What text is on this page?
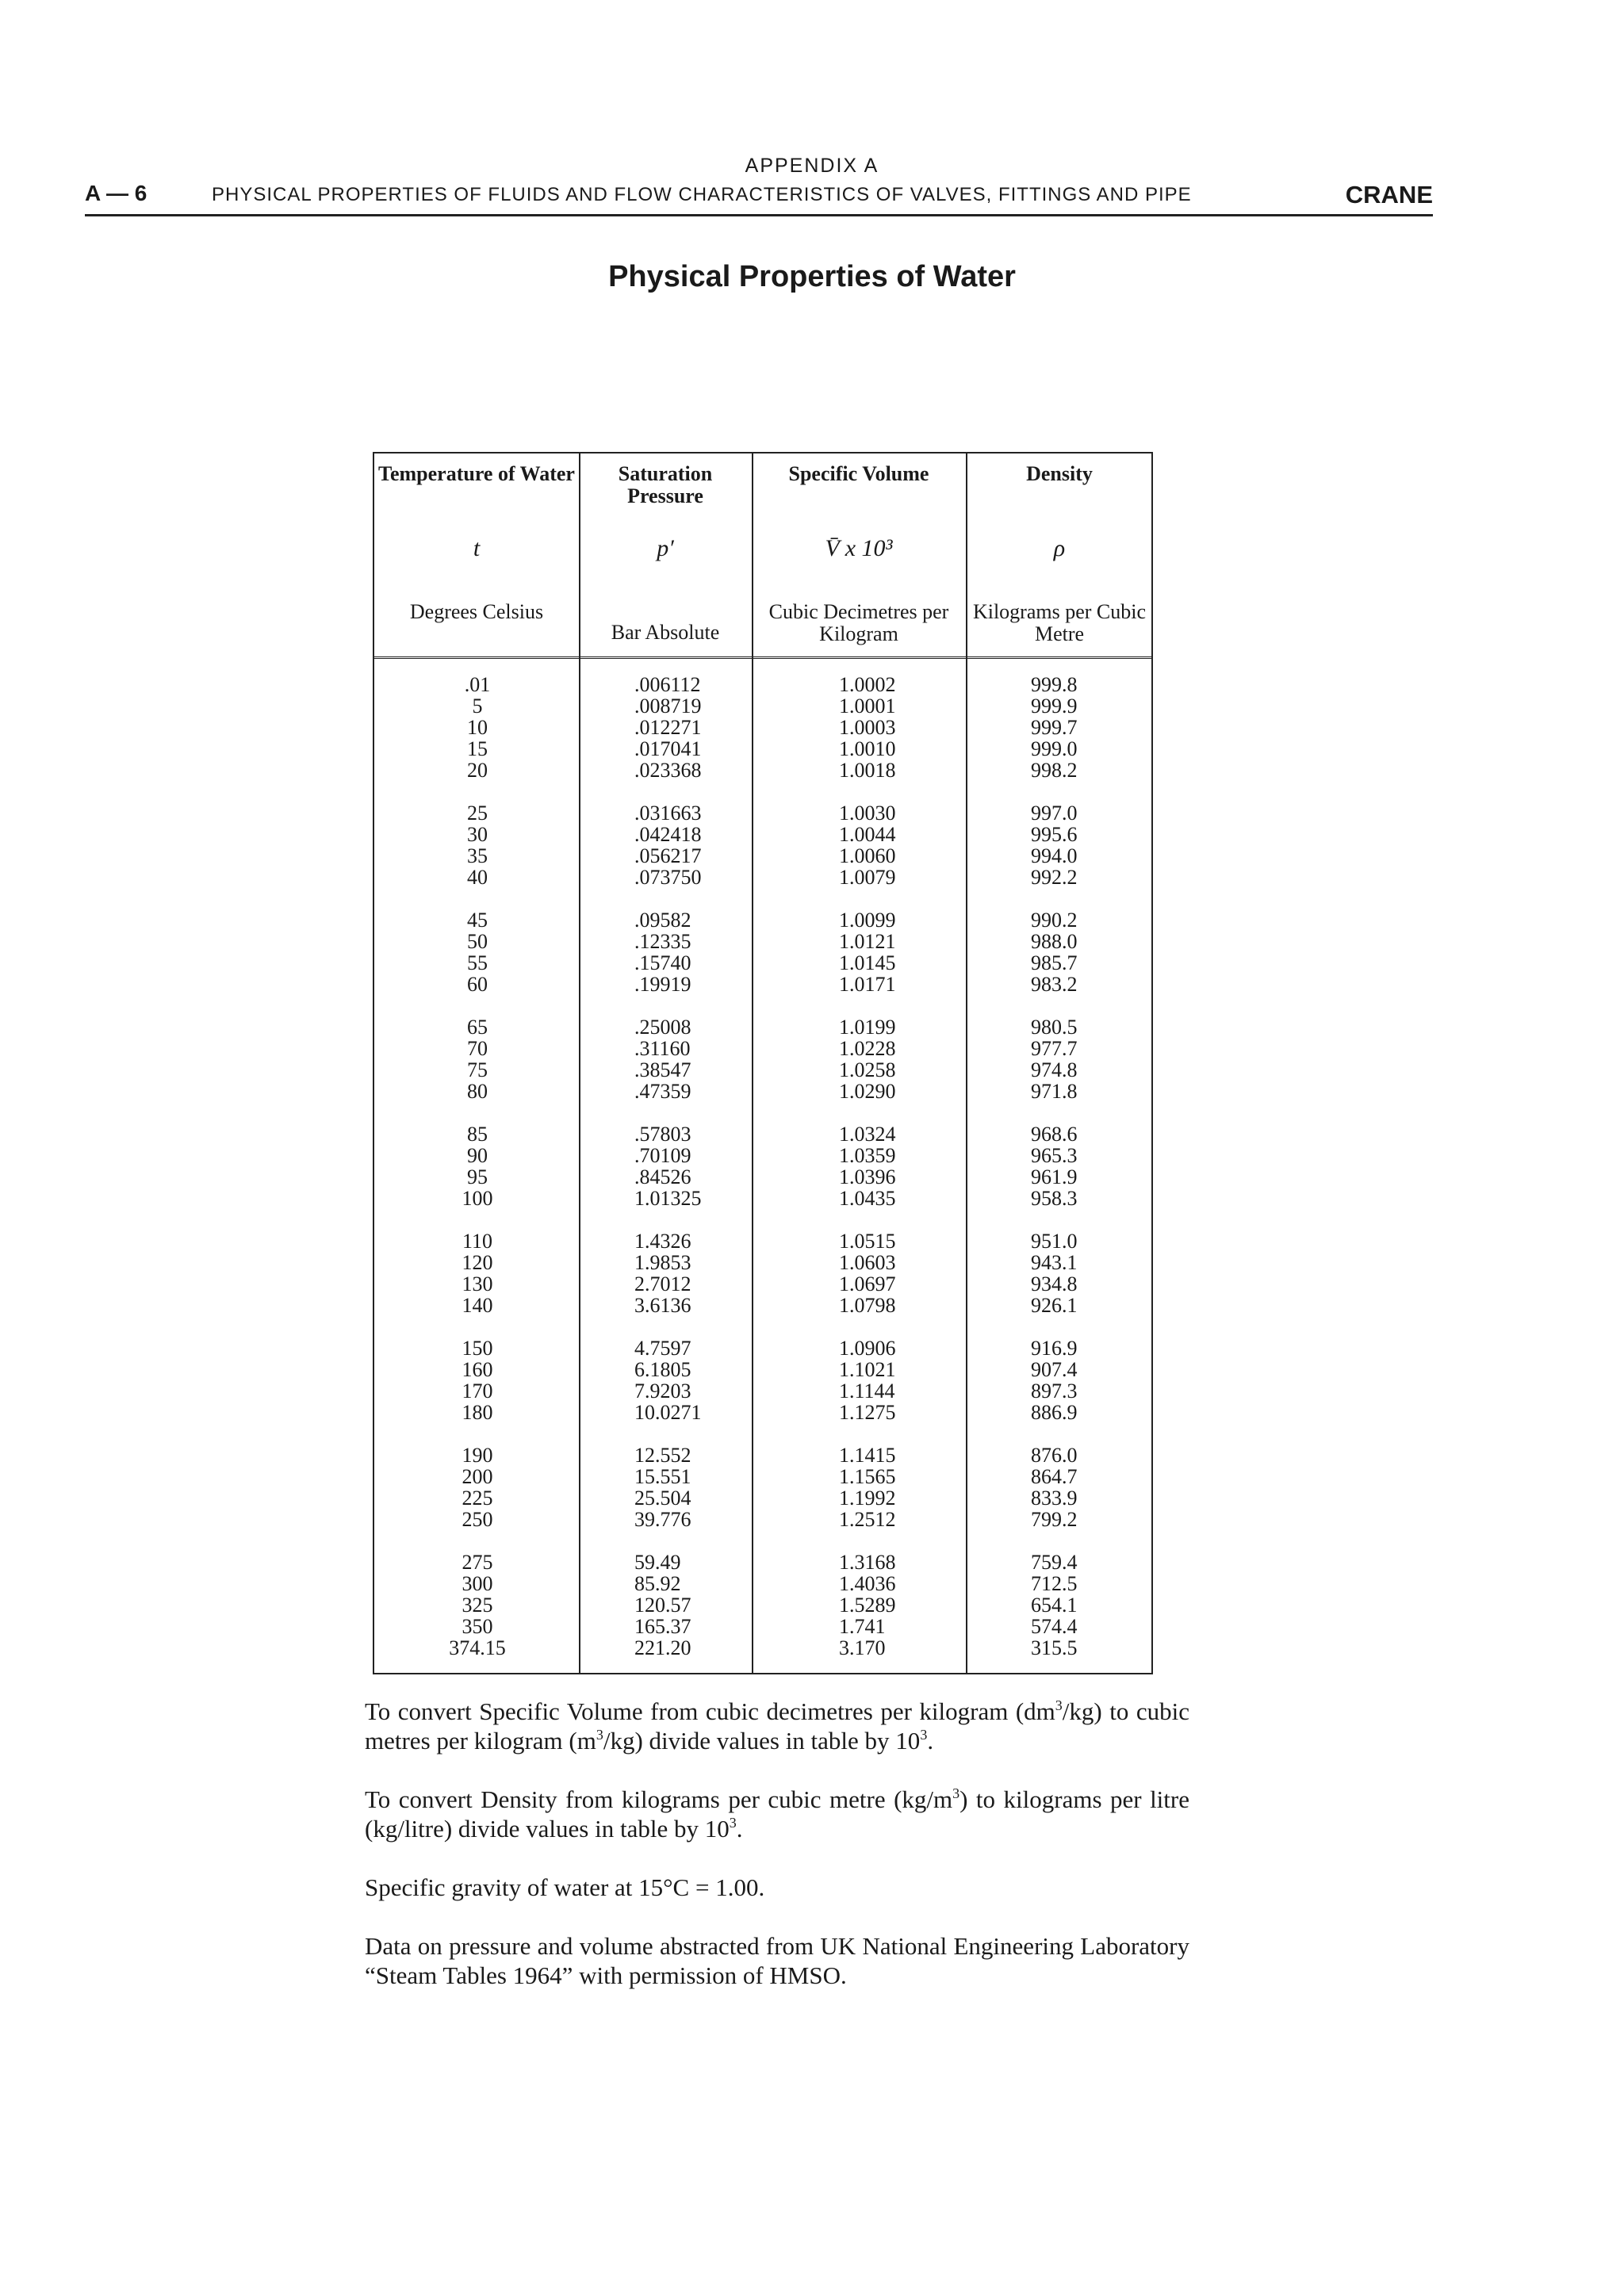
APPENDIX A
A — 6	PHYSICAL PROPERTIES OF FLUIDS AND FLOW CHARACTERISTICS OF VALVES, FITTINGS AND PIPE	CRANE
Physical Properties of Water
Temperature of Water
t
Degrees Celsius
Saturation Pressure
p′
Bar Absolute
Specific Volume
V̄ x 10³
Cubic Decimetres per Kilogram
Density
ρ
Kilograms per Cubic Metre
.01
5
10
15
20
25
30
35
40
45
50
55
60
65
70
75
80
85
90
95
100
110
120
130
140
150
160
170
180
190
200
225
250
275
300
325
350
374.15
.006112
.008719
.012271
.017041
.023368
.031663
.042418
.056217
.073750
.09582
.12335
.15740
.19919
.25008
.31160
.38547
.47359
.57803
.70109
.84526
1.01325
1.4326
1.9853
2.7012
3.6136
4.7597
6.1805
7.9203
10.0271
12.552
15.551
25.504
39.776
59.49
85.92
120.57
165.37
221.20
1.0002
1.0001
1.0003
1.0010
1.0018
1.0030
1.0044
1.0060
1.0079
1.0099
1.0121
1.0145
1.0171
1.0199
1.0228
1.0258
1.0290
1.0324
1.0359
1.0396
1.0435
1.0515
1.0603
1.0697
1.0798
1.0906
1.1021
1.1144
1.1275
1.1415
1.1565
1.1992
1.2512
1.3168
1.4036
1.5289
1.741
3.170
999.8
999.9
999.7
999.0
998.2
997.0
995.6
994.0
992.2
990.2
988.0
985.7
983.2
980.5
977.7
974.8
971.8
968.6
965.3
961.9
958.3
951.0
943.1
934.8
926.1
916.9
907.4
897.3
886.9
876.0
864.7
833.9
799.2
759.4
712.5
654.1
574.4
315.5

To convert Specific Volume from cubic decimetres per kilogram $(dm^3/kg)$ to cubic metres per kilogram $(m^3/kg)$ divide values in table by $10^3$.

To convert Density from kilograms per cubic metre $(kg/m^3)$ to kilograms per litre (kg/litre) divide values in table by $10^3$.

Specific gravity of water at 15°C = 1.00.

Data on pressure and volume abstracted from UK National Engineering Laboratory “Steam Tables 1964” with permission of HMSO.
